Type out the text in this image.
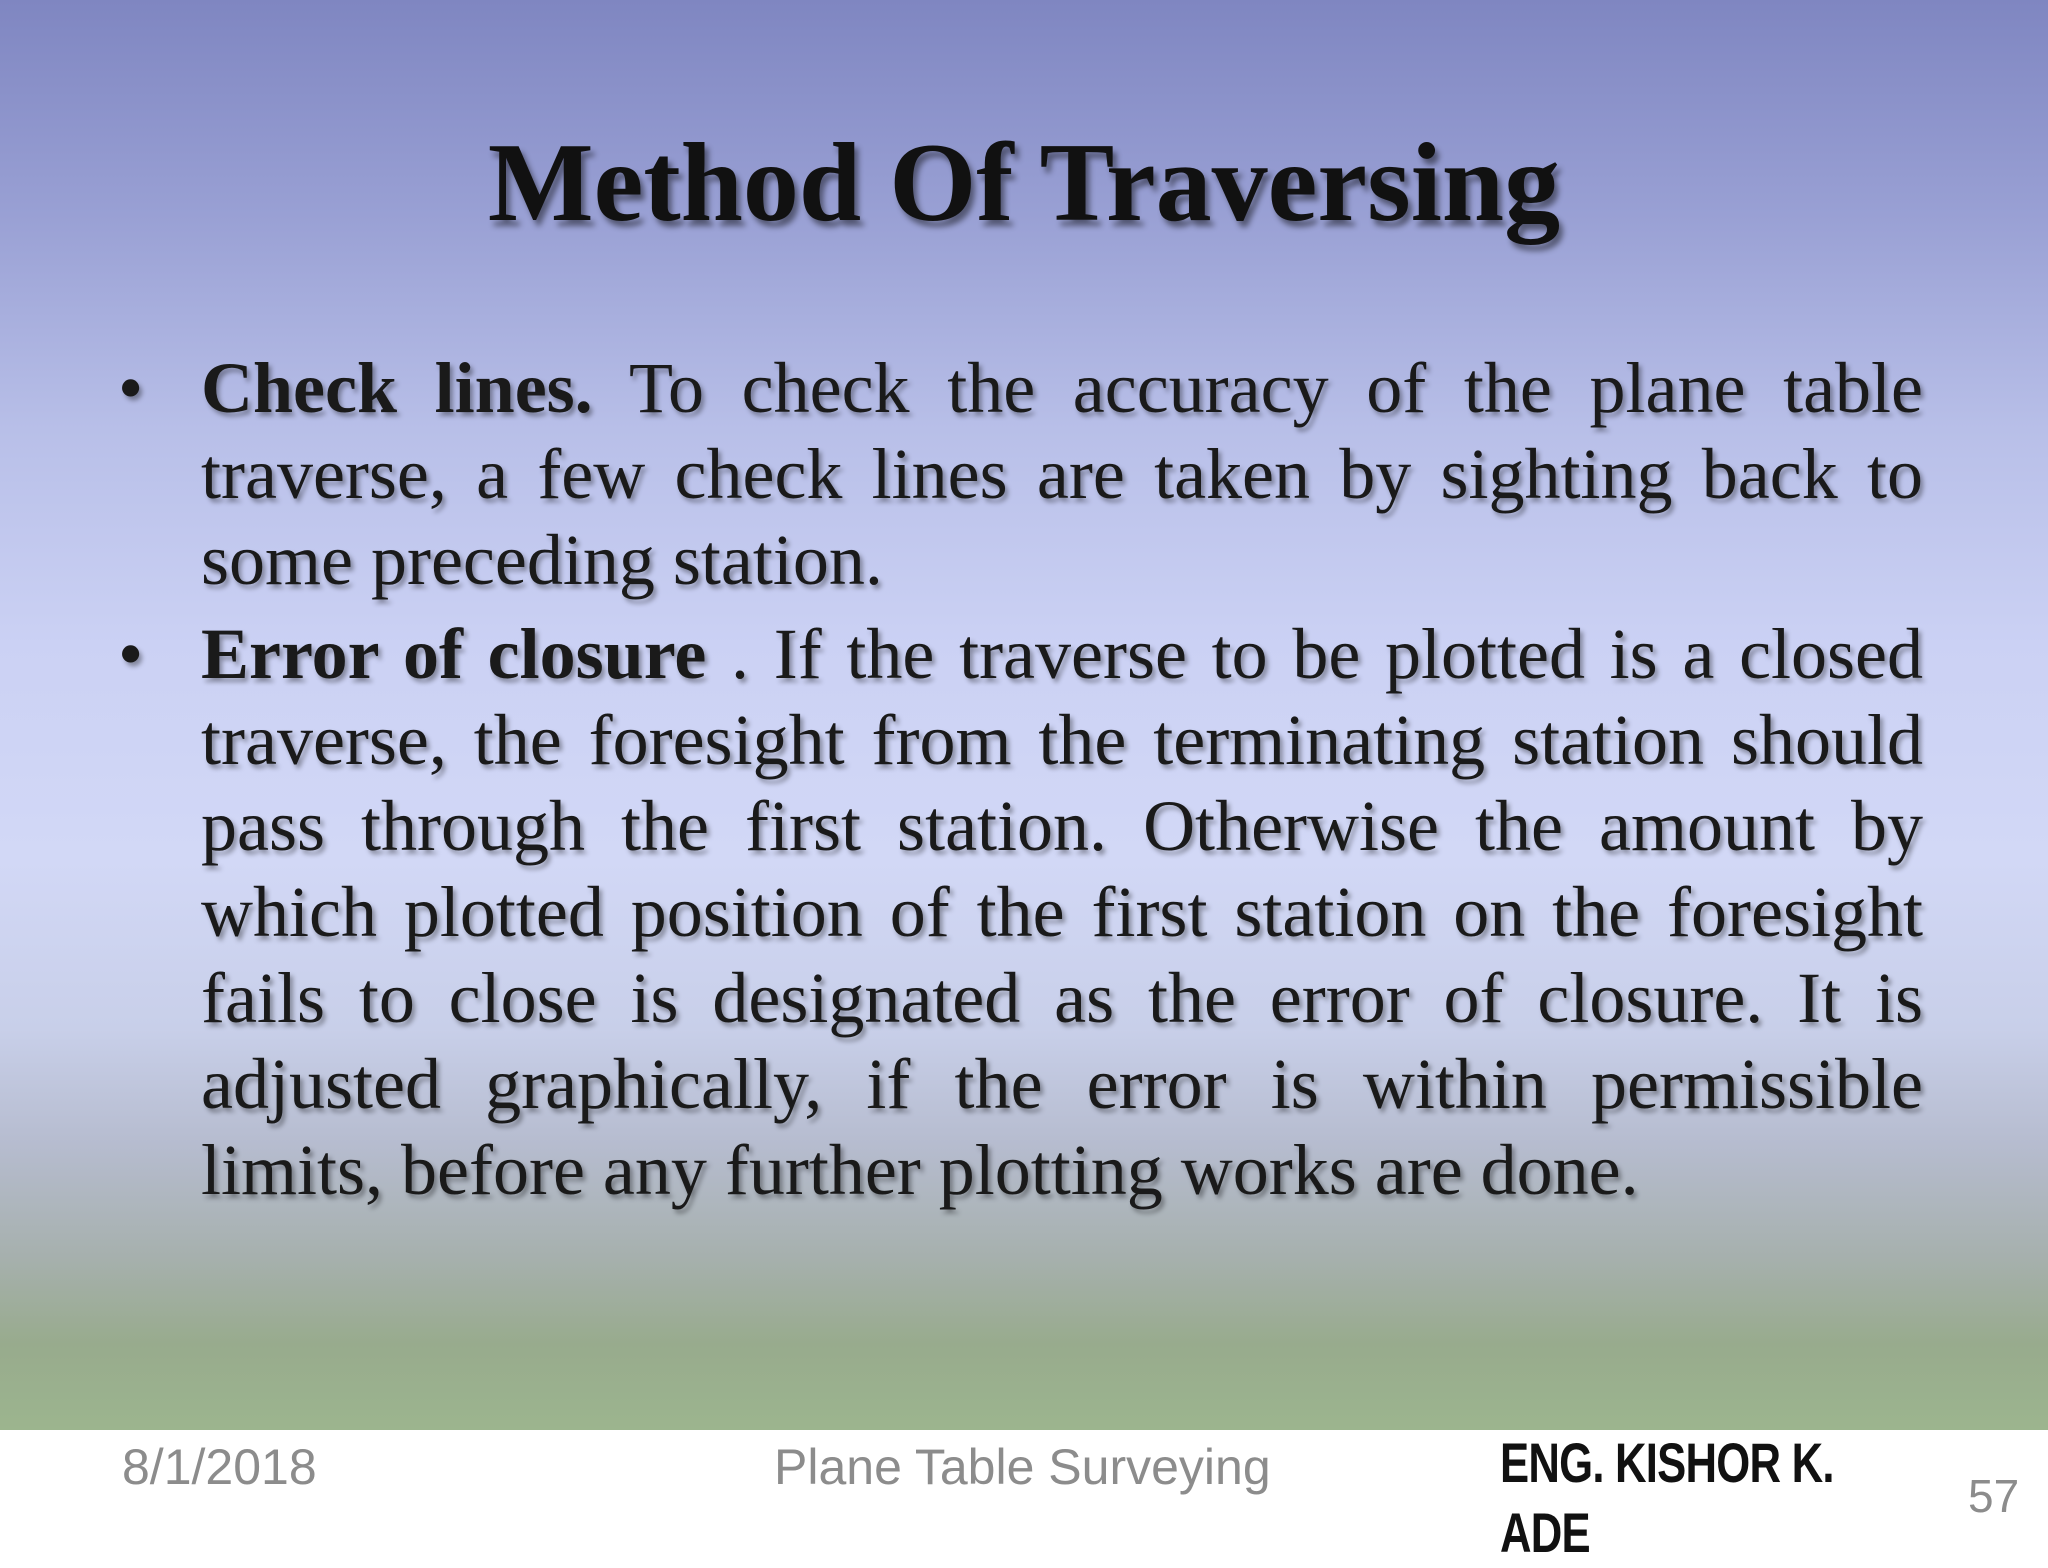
Method Of Traversing
• Check lines. To check the accuracy of the plane table traverse, a few check lines are taken by sighting back to some preceding station.
• Error of closure . If the traverse to be plotted is a closed traverse, the foresight from the terminating station should pass through the first station. Otherwise the amount by which plotted position of the first station on the foresight fails to close is designated as the error of closure. It is adjusted graphically, if the error is within permissible limits, before any further plotting works are done.
8/1/2018	Plane Table Surveying	ENG. KISHOR K. ADE
57
